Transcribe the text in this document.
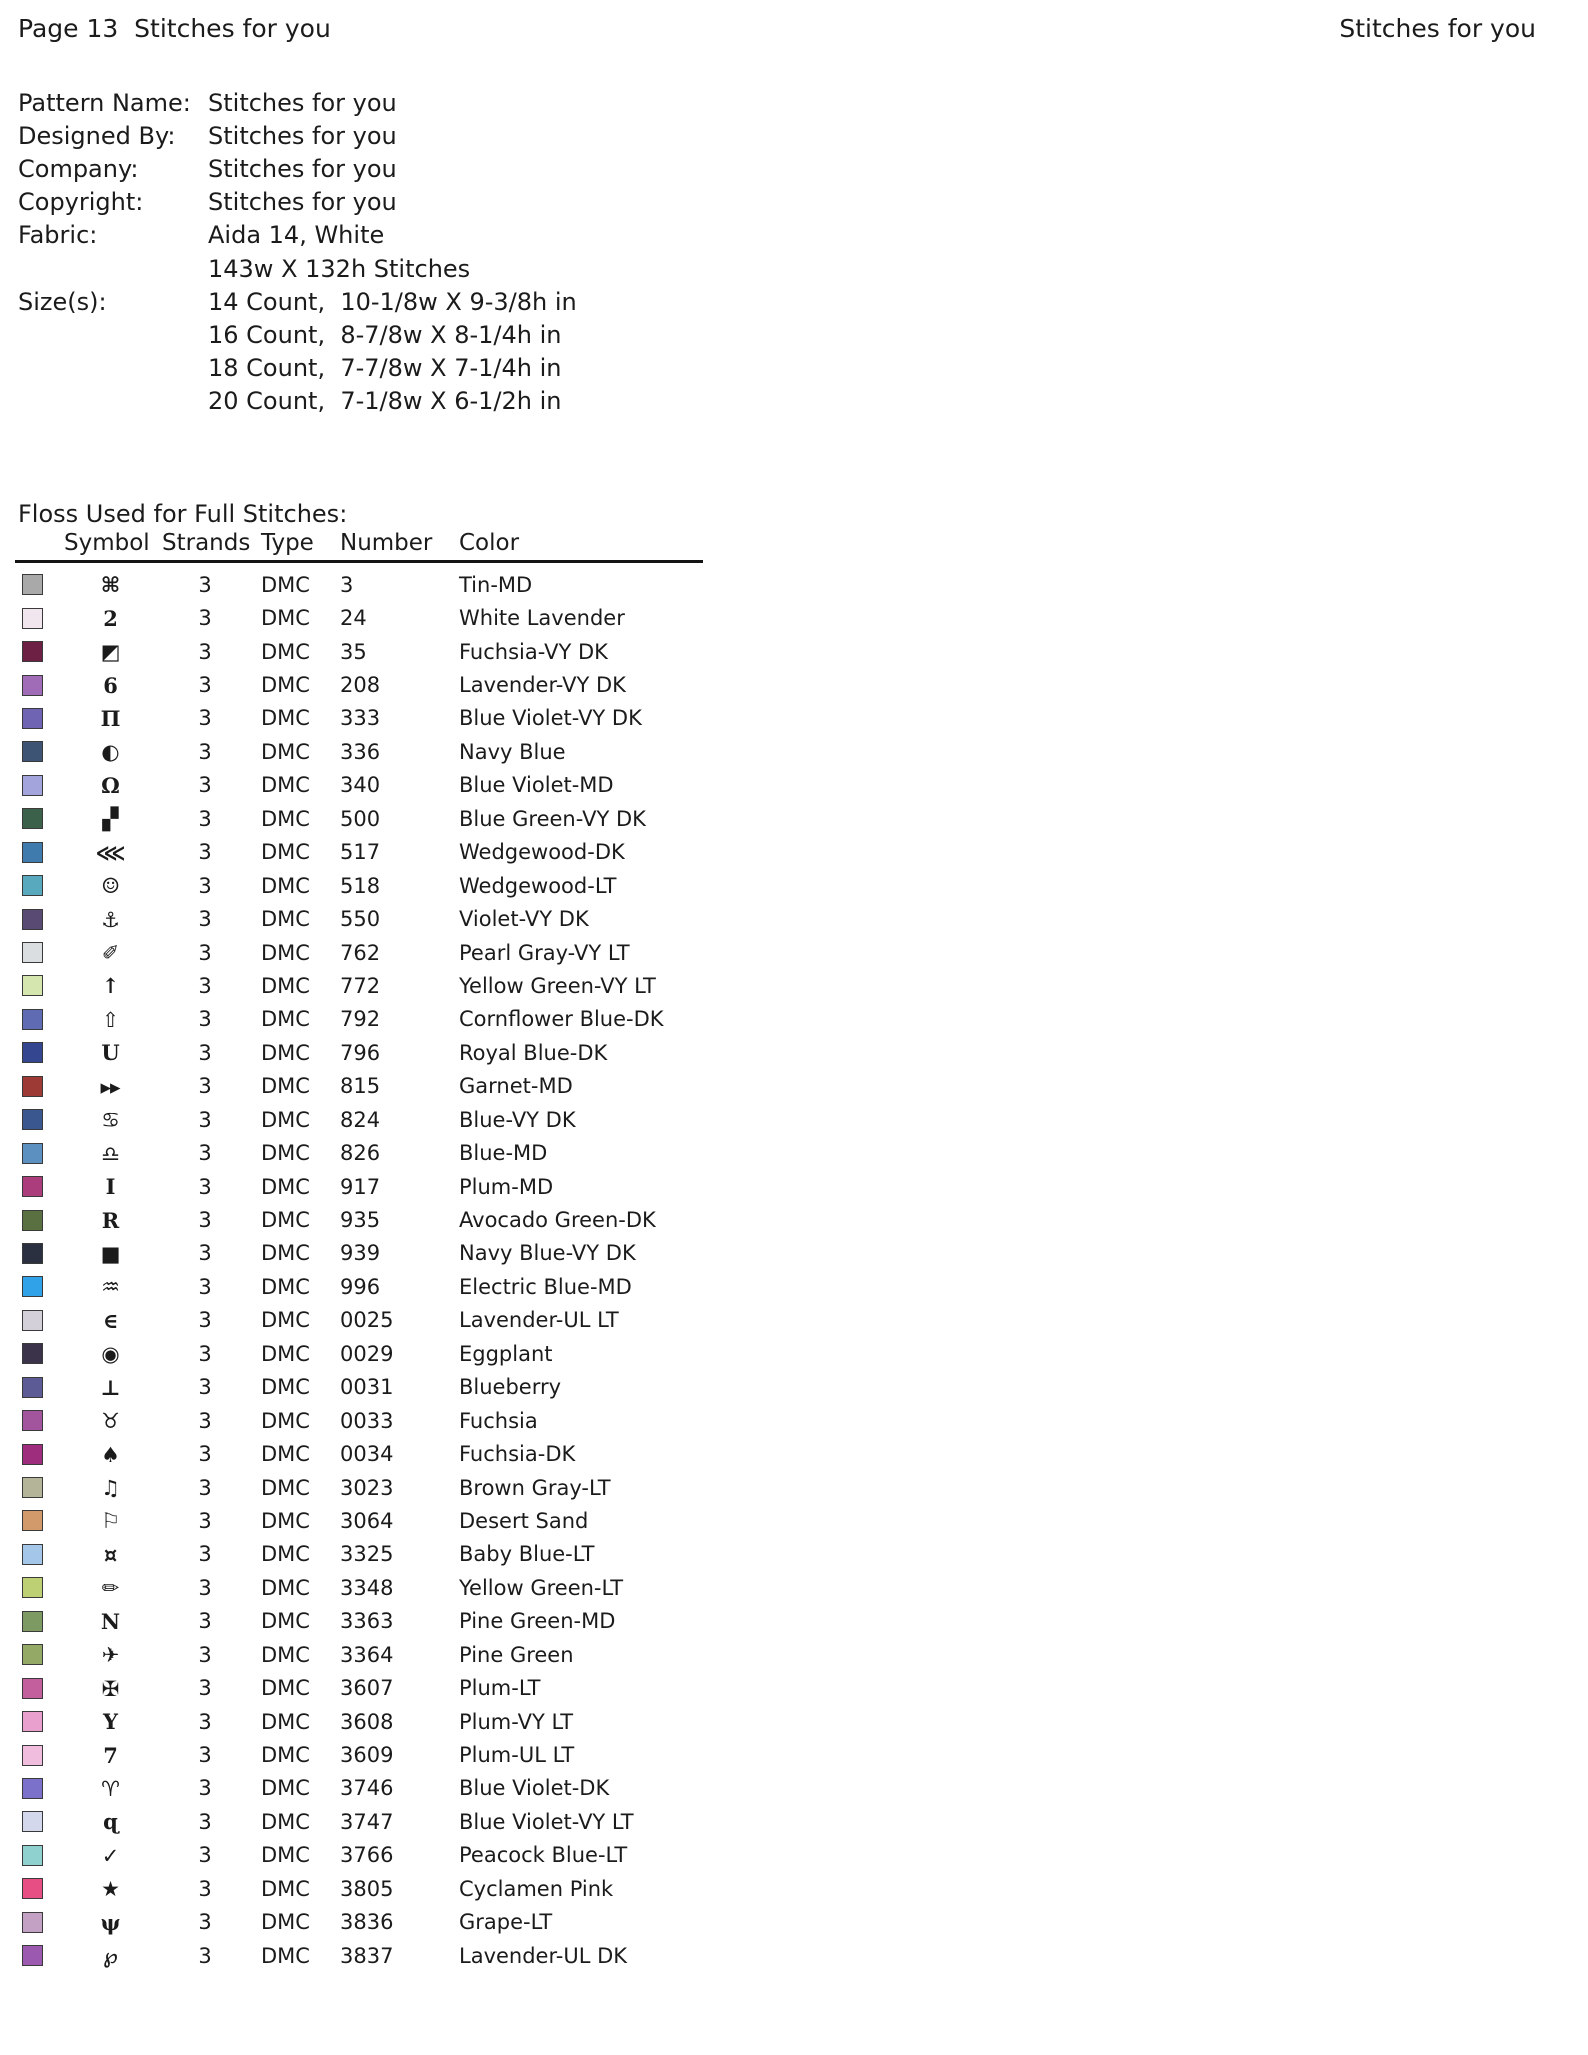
Page 13  Stitches for you	Stitches for you
Pattern Name: Stitches for you
Designed By:	Stitches for you
Company:	Stitches for you
Copyright:	Stitches for you
Fabric:	Aida 14, White
143w X 132h Stitches
Size(s):	14 Count,  10-1/8w X 9-3/8h in
16 Count,  8-7/8w X 8-1/4h in
18 Count,  7-7/8w X 7-1/4h in
20 Count,  7-1/8w X 6-1/2h in
Floss Used for Full Stitches:
Symbol Strands Type	Number	Color
⌘	3	DMC	3	Tin-MD
2	3	DMC	24	White Lavender
◩	3	DMC	35	Fuchsia-VY DK
6	3	DMC	208	Lavender-VY DK
Π	3	DMC	333	Blue Violet-VY DK
◐	3	DMC	336	Navy Blue
Ω	3	DMC	340	Blue Violet-MD
▞	3	DMC	500	Blue Green-VY DK
⋘	3	DMC	517	Wedgewood-DK
☺	3	DMC	518	Wedgewood-LT
⚓	3	DMC	550	Violet-VY DK
✐	3	DMC	762	Pearl Gray-VY LT
↑	3	DMC	772	Yellow Green-VY LT
⇧	3	DMC	792	Cornflower Blue-DK
U	3	DMC	796	Royal Blue-DK
▸▸	3	DMC	815	Garnet-MD
♋	3	DMC	824	Blue-VY DK
♎	3	DMC	826	Blue-MD
I	3	DMC	917	Plum-MD
R	3	DMC	935	Avocado Green-DK
■	3	DMC	939	Navy Blue-VY DK
♒	3	DMC	996	Electric Blue-MD
∈	3	DMC	0025	Lavender-UL LT
◉	3	DMC	0029	Eggplant
⊥	3	DMC	0031	Blueberry
♉	3	DMC	0033	Fuchsia
♠	3	DMC	0034	Fuchsia-DK
♫	3	DMC	3023	Brown Gray-LT
⚐	3	DMC	3064	Desert Sand
¤	3	DMC	3325	Baby Blue-LT
✏	3	DMC	3348	Yellow Green-LT
N	3	DMC	3363	Pine Green-MD
✈	3	DMC	3364	Pine Green
✠	3	DMC	3607	Plum-LT
Y	3	DMC	3608	Plum-VY LT
7	3	DMC	3609	Plum-UL LT
♈	3	DMC	3746	Blue Violet-DK
ɋ	3	DMC	3747	Blue Violet-VY LT
✓	3	DMC	3766	Peacock Blue-LT
★	3	DMC	3805	Cyclamen Pink
ψ	3	DMC	3836	Grape-LT
℘	3	DMC	3837	Lavender-UL DK
